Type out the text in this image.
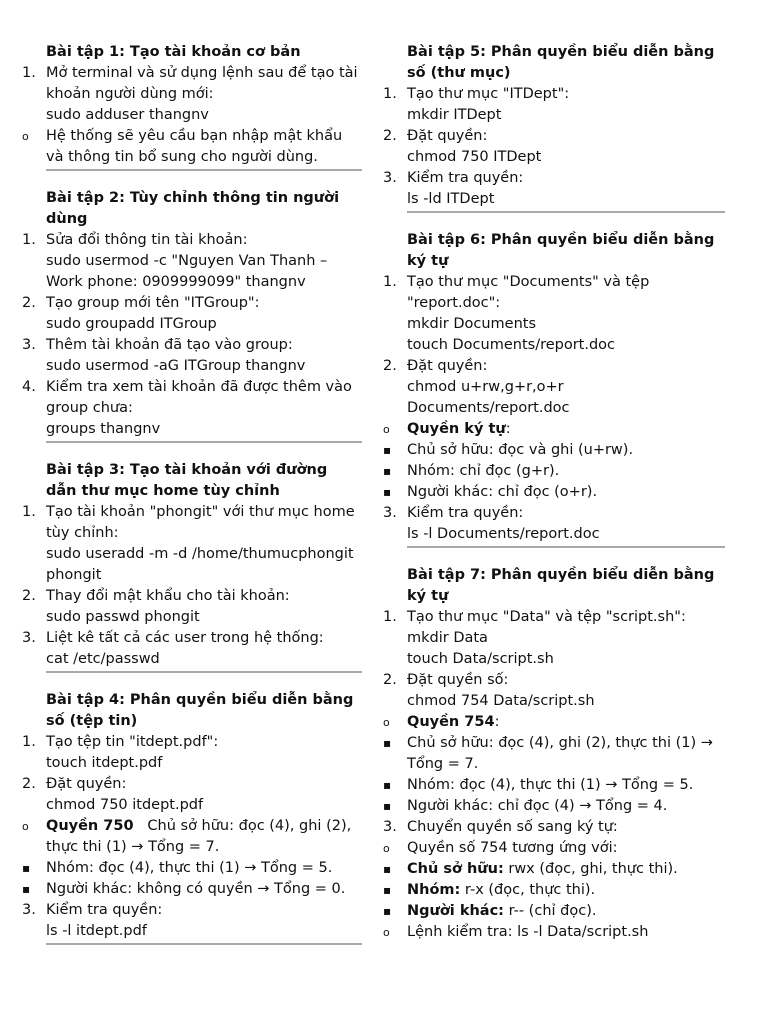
Bài tập 1: Tạo tài khoản cơ bản
1. Mở terminal và sử dụng lệnh sau để tạo tài khoản người dùng mới:
sudo adduser thangnv
o	Hệ thống sẽ yêu cầu bạn nhập mật khẩu và thông tin bổ sung cho người dùng.
Bài tập 2: Tùy chỉnh thông tin người dùng
1. Sửa đổi thông tin tài khoản:
sudo usermod -c "Nguyen Van Thanh – Work phone: 0909999099" thangnv
2. Tạo group mới tên "ITGroup":
sudo groupadd ITGroup
3. Thêm tài khoản đã tạo vào group:
sudo usermod -aG ITGroup thangnv
4. Kiểm tra xem tài khoản đã được thêm vào group chưa:
groups thangnv
Bài tập 3: Tạo tài khoản với đường dẫn thư mục home tùy chỉnh
1. Tạo tài khoản "phongit" với thư mục home tùy chỉnh:
sudo useradd -m -d /home/thumucphongit phongit
2. Thay đổi mật khẩu cho tài khoản:
sudo passwd phongit
3. Liệt kê tất cả các user trong hệ thống:
cat /etc/passwd
Bài tập 4: Phân quyền biểu diễn bằng số (tệp tin)
1. Tạo tệp tin "itdept.pdf":
touch itdept.pdf
2. Đặt quyền:
chmod 750 itdept.pdf
o	Quyền 750   Chủ sở hữu: đọc (4), ghi (2), thực thi (1) → Tổng = 7.
▪	Nhóm: đọc (4), thực thi (1) → Tổng = 5.
▪	Người khác: không có quyền → Tổng = 0.
3. Kiểm tra quyền:
ls -l itdept.pdf
Bài tập 5: Phân quyền biểu diễn bằng số (thư mục)
1. Tạo thư mục "ITDept":
mkdir ITDept
2. Đặt quyền:
chmod 750 ITDept
3. Kiểm tra quyền:
ls -ld ITDept
Bài tập 6: Phân quyền biểu diễn bằng ký tự
1. Tạo thư mục "Documents" và tệp "report.doc":
mkdir Documents
touch Documents/report.doc
2. Đặt quyền:
chmod u+rw,g+r,o+r Documents/report.doc
o	Quyền ký tự:
▪	Chủ sở hữu: đọc và ghi (u+rw).
▪	Nhóm: chỉ đọc (g+r).
▪	Người khác: chỉ đọc (o+r).
3. Kiểm tra quyền:
ls -l Documents/report.doc
Bài tập 7: Phân quyền biểu diễn bằng ký tự
1. Tạo thư mục "Data" và tệp "script.sh":
mkdir Data
touch Data/script.sh
2. Đặt quyền số:
chmod 754 Data/script.sh
o	Quyền 754:
▪	Chủ sở hữu: đọc (4), ghi (2), thực thi (1) → Tổng = 7.
▪	Nhóm: đọc (4), thực thi (1) → Tổng = 5.
▪	Người khác: chỉ đọc (4) → Tổng = 4.
3. Chuyển quyền số sang ký tự:
o	Quyền số 754 tương ứng với:
▪	Chủ sở hữu: rwx (đọc, ghi, thực thi).
▪	Nhóm: r-x (đọc, thực thi).
▪	Người khác: r-- (chỉ đọc).
o	Lệnh kiểm tra: ls -l Data/script.sh
